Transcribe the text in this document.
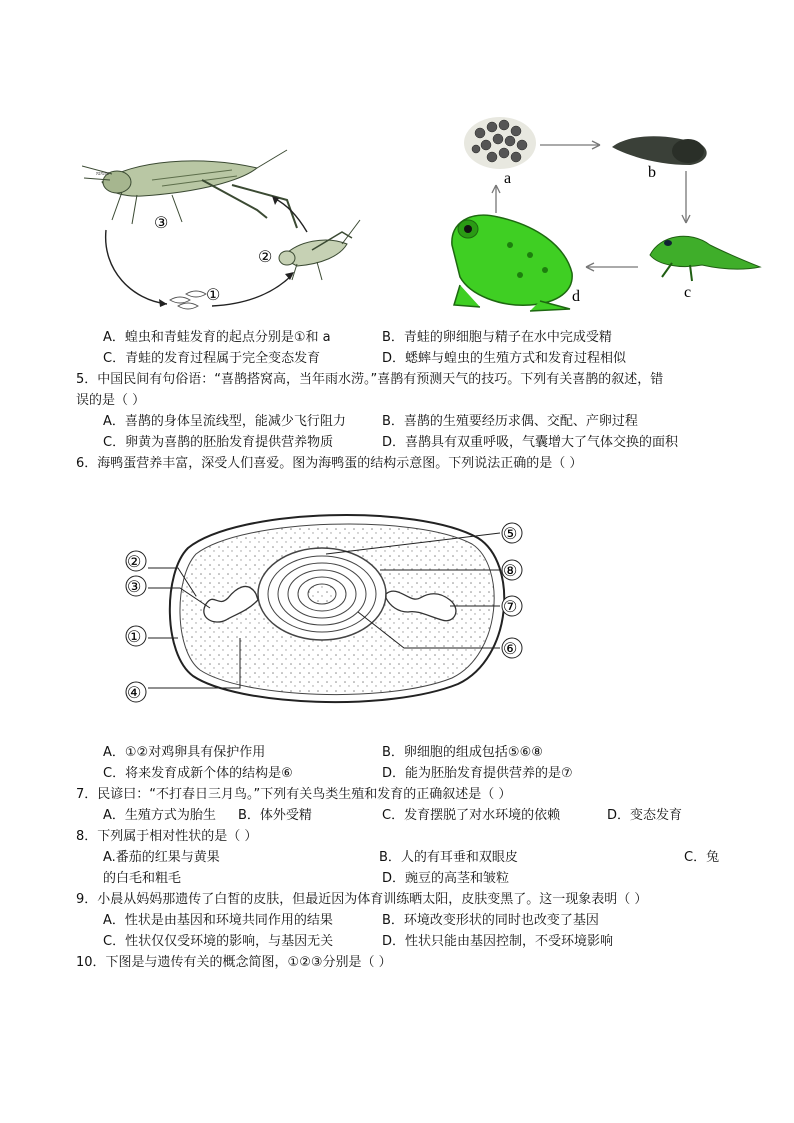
≈≈≈
③
②
①
a	b
c
d
A．蝗虫和青蛙发育的起点分别是①和 a	B．青蛙的卵细胞与精子在水中完成受精
C．青蛙的发育过程属于完全变态发育	D．蟋蟀与蝗虫的生殖方式和发育过程相似
5．中国民间有句俗语：“喜鹊搭窝高，当年雨水涝。”喜鹊有预测天气的技巧。下列有关喜鹊的叙述，错
误的是（ ）
A．喜鹊的身体呈流线型，能减少飞行阻力	B．喜鹊的生殖要经历求偶、交配、产卵过程
C．卵黄为喜鹊的胚胎发育提供营养物质	D．喜鹊具有双重呼吸，气囊增大了气体交换的面积
6．海鸭蛋营养丰富，深受人们喜爱。图为海鸭蛋的结构示意图。下列说法正确的是（ ）
②
③
①
④
⑤
⑧
⑦
⑥
A．①②对鸡卵具有保护作用	B．卵细胞的组成包括⑤⑥⑧
C．将来发育成新个体的结构是⑥	D．能为胚胎发育提供营养的是⑦
7．民谚曰：“不打春日三月鸟。”下列有关鸟类生殖和发育的正确叙述是（ ）
A．生殖方式为胎生 B．体外受精	C．发育摆脱了对水环境的依赖	D．变态发育
8．下列属于相对性状的是（ ）
A.番茄的红果与黄果	B．人的有耳垂和双眼皮	C．兔
的白毛和粗毛	D．豌豆的高茎和皱粒
9．小晨从妈妈那遗传了白皙的皮肤，但最近因为体育训练晒太阳，皮肤变黑了。这一现象表明（ ）
A．性状是由基因和环境共同作用的结果	B．环境改变形状的同时也改变了基因
C．性状仅仅受环境的影响，与基因无关	D．性状只能由基因控制，不受环境影响
10．下图是与遗传有关的概念简图，①②③分别是（ ）
